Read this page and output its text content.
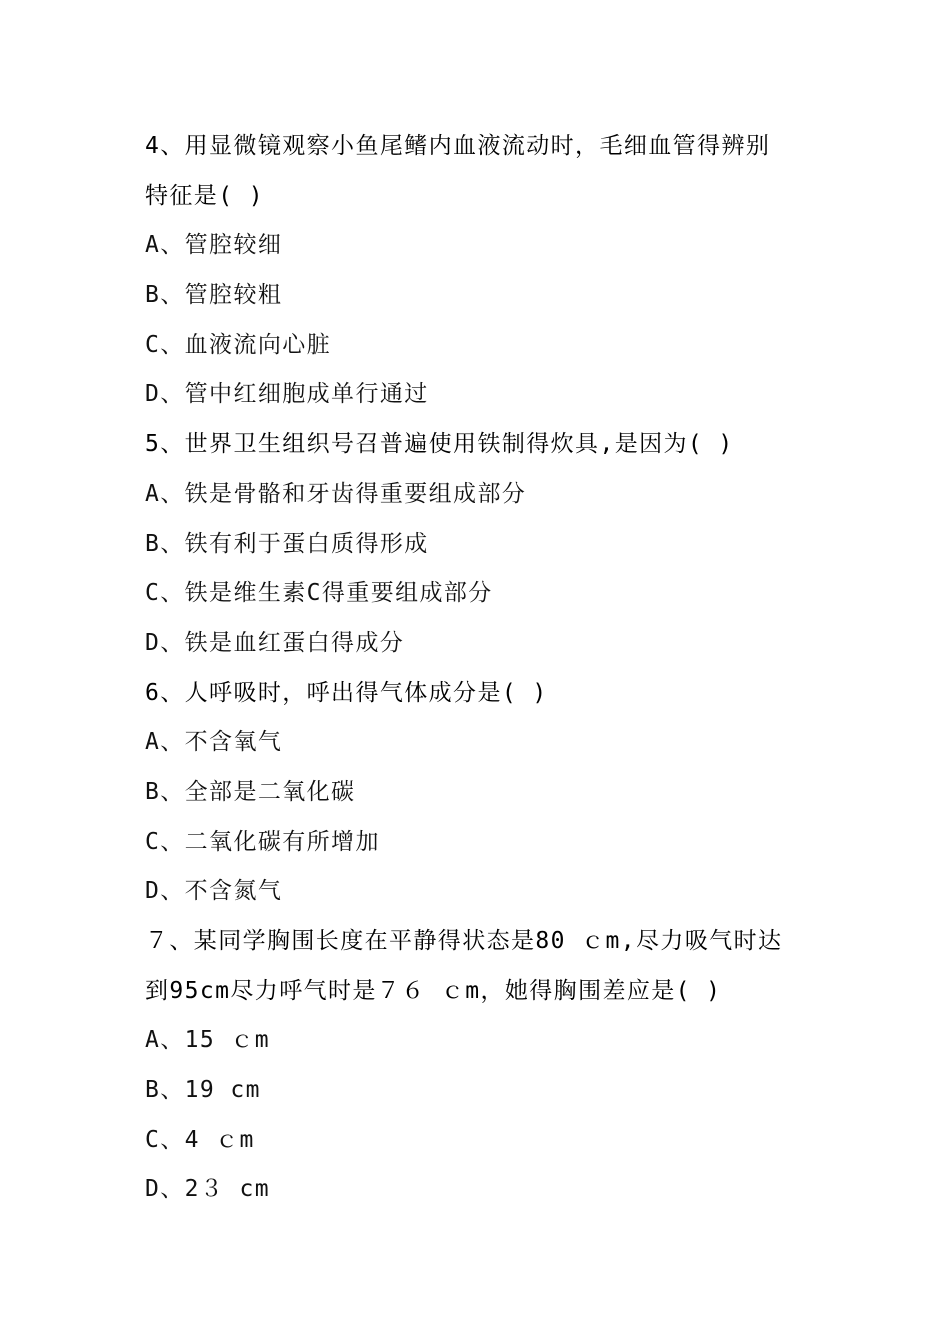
4、用显微镜观察小鱼尾鳍内血液流动时，毛细血管得辨别
特征是( )
A、管腔较细
B、管腔较粗
C、血液流向心脏
D、管中红细胞成单行通过
5、世界卫生组织号召普遍使用铁制得炊具,是因为( )
A、铁是骨骼和牙齿得重要组成部分
B、铁有利于蛋白质得形成
C、铁是维生素C得重要组成部分
D、铁是血红蛋白得成分
6、人呼吸时，呼出得气体成分是( )
A、不含氧气
B、全部是二氧化碳
C、二氧化碳有所增加
D、不含氮气
７、某同学胸围长度在平静得状态是80 ｃm,尽力吸气时达
到95cm尽力呼气时是７６ ｃm，她得胸围差应是( )
A、15 ｃm
B、19 cm
C、4 ｃm
D、2３ cm
